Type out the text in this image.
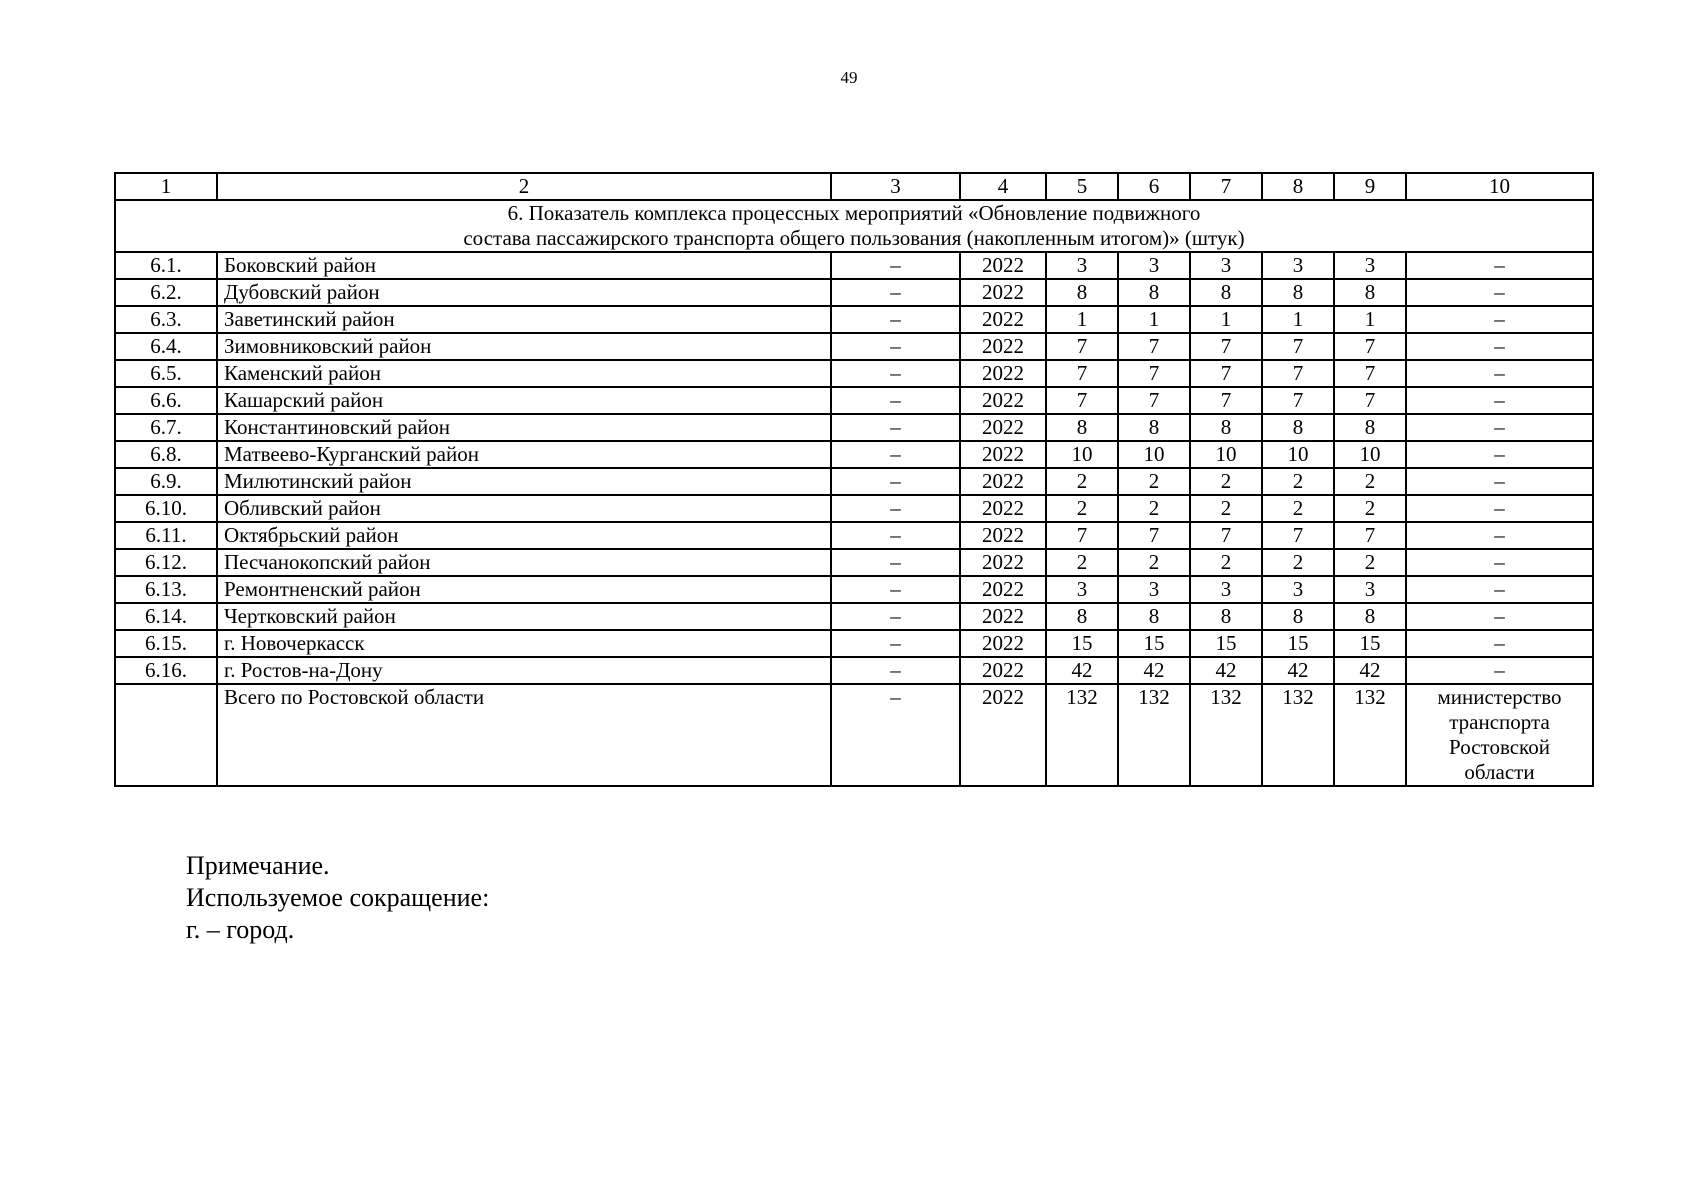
49
1	2	3	4	5	6	7	8	9	10

6. Показатель комплекса процессных мероприятий «Обновление подвижного
состава пассажирского транспорта общего пользования (накопленным итогом)» (штук)									

6.1.	Боковский район	–	2022	3	3	3	3	3	–
6.2.	Дубовский район	–	2022	8	8	8	8	8	–
6.3.	Заветинский район	–	2022	1	1	1	1	1	–
6.4.	Зимовниковский район	–	2022	7	7	7	7	7	–
6.5.	Каменский район	–	2022	7	7	7	7	7	–
6.6.	Кашарский район	–	2022	7	7	7	7	7	–
6.7.	Константиновский район	–	2022	8	8	8	8	8	–
6.8.	Матвеево-Курганский район	–	2022	10	10	10	10	10	–
6.9.	Милютинский район	–	2022	2	2	2	2	2	–
6.10.	Обливский район	–	2022	2	2	2	2	2	–
6.11.	Октябрьский район	–	2022	7	7	7	7	7	–
6.12.	Песчанокопский район	–	2022	2	2	2	2	2	–
6.13.	Ремонтненский район	–	2022	3	3	3	3	3	–
6.14.	Чертковский район	–	2022	8	8	8	8	8	–
6.15.	г. Новочеркасск	–	2022	15	15	15	15	15	–
6.16.	г. Ростов-на-Дону	–	2022	42	42	42	42	42	–
	Всего по Ростовской области	–	2022	132	132	132	132	132	министерство
транспорта
Ростовской
области
Примечание.
Используемое сокращение:
г. – город.
